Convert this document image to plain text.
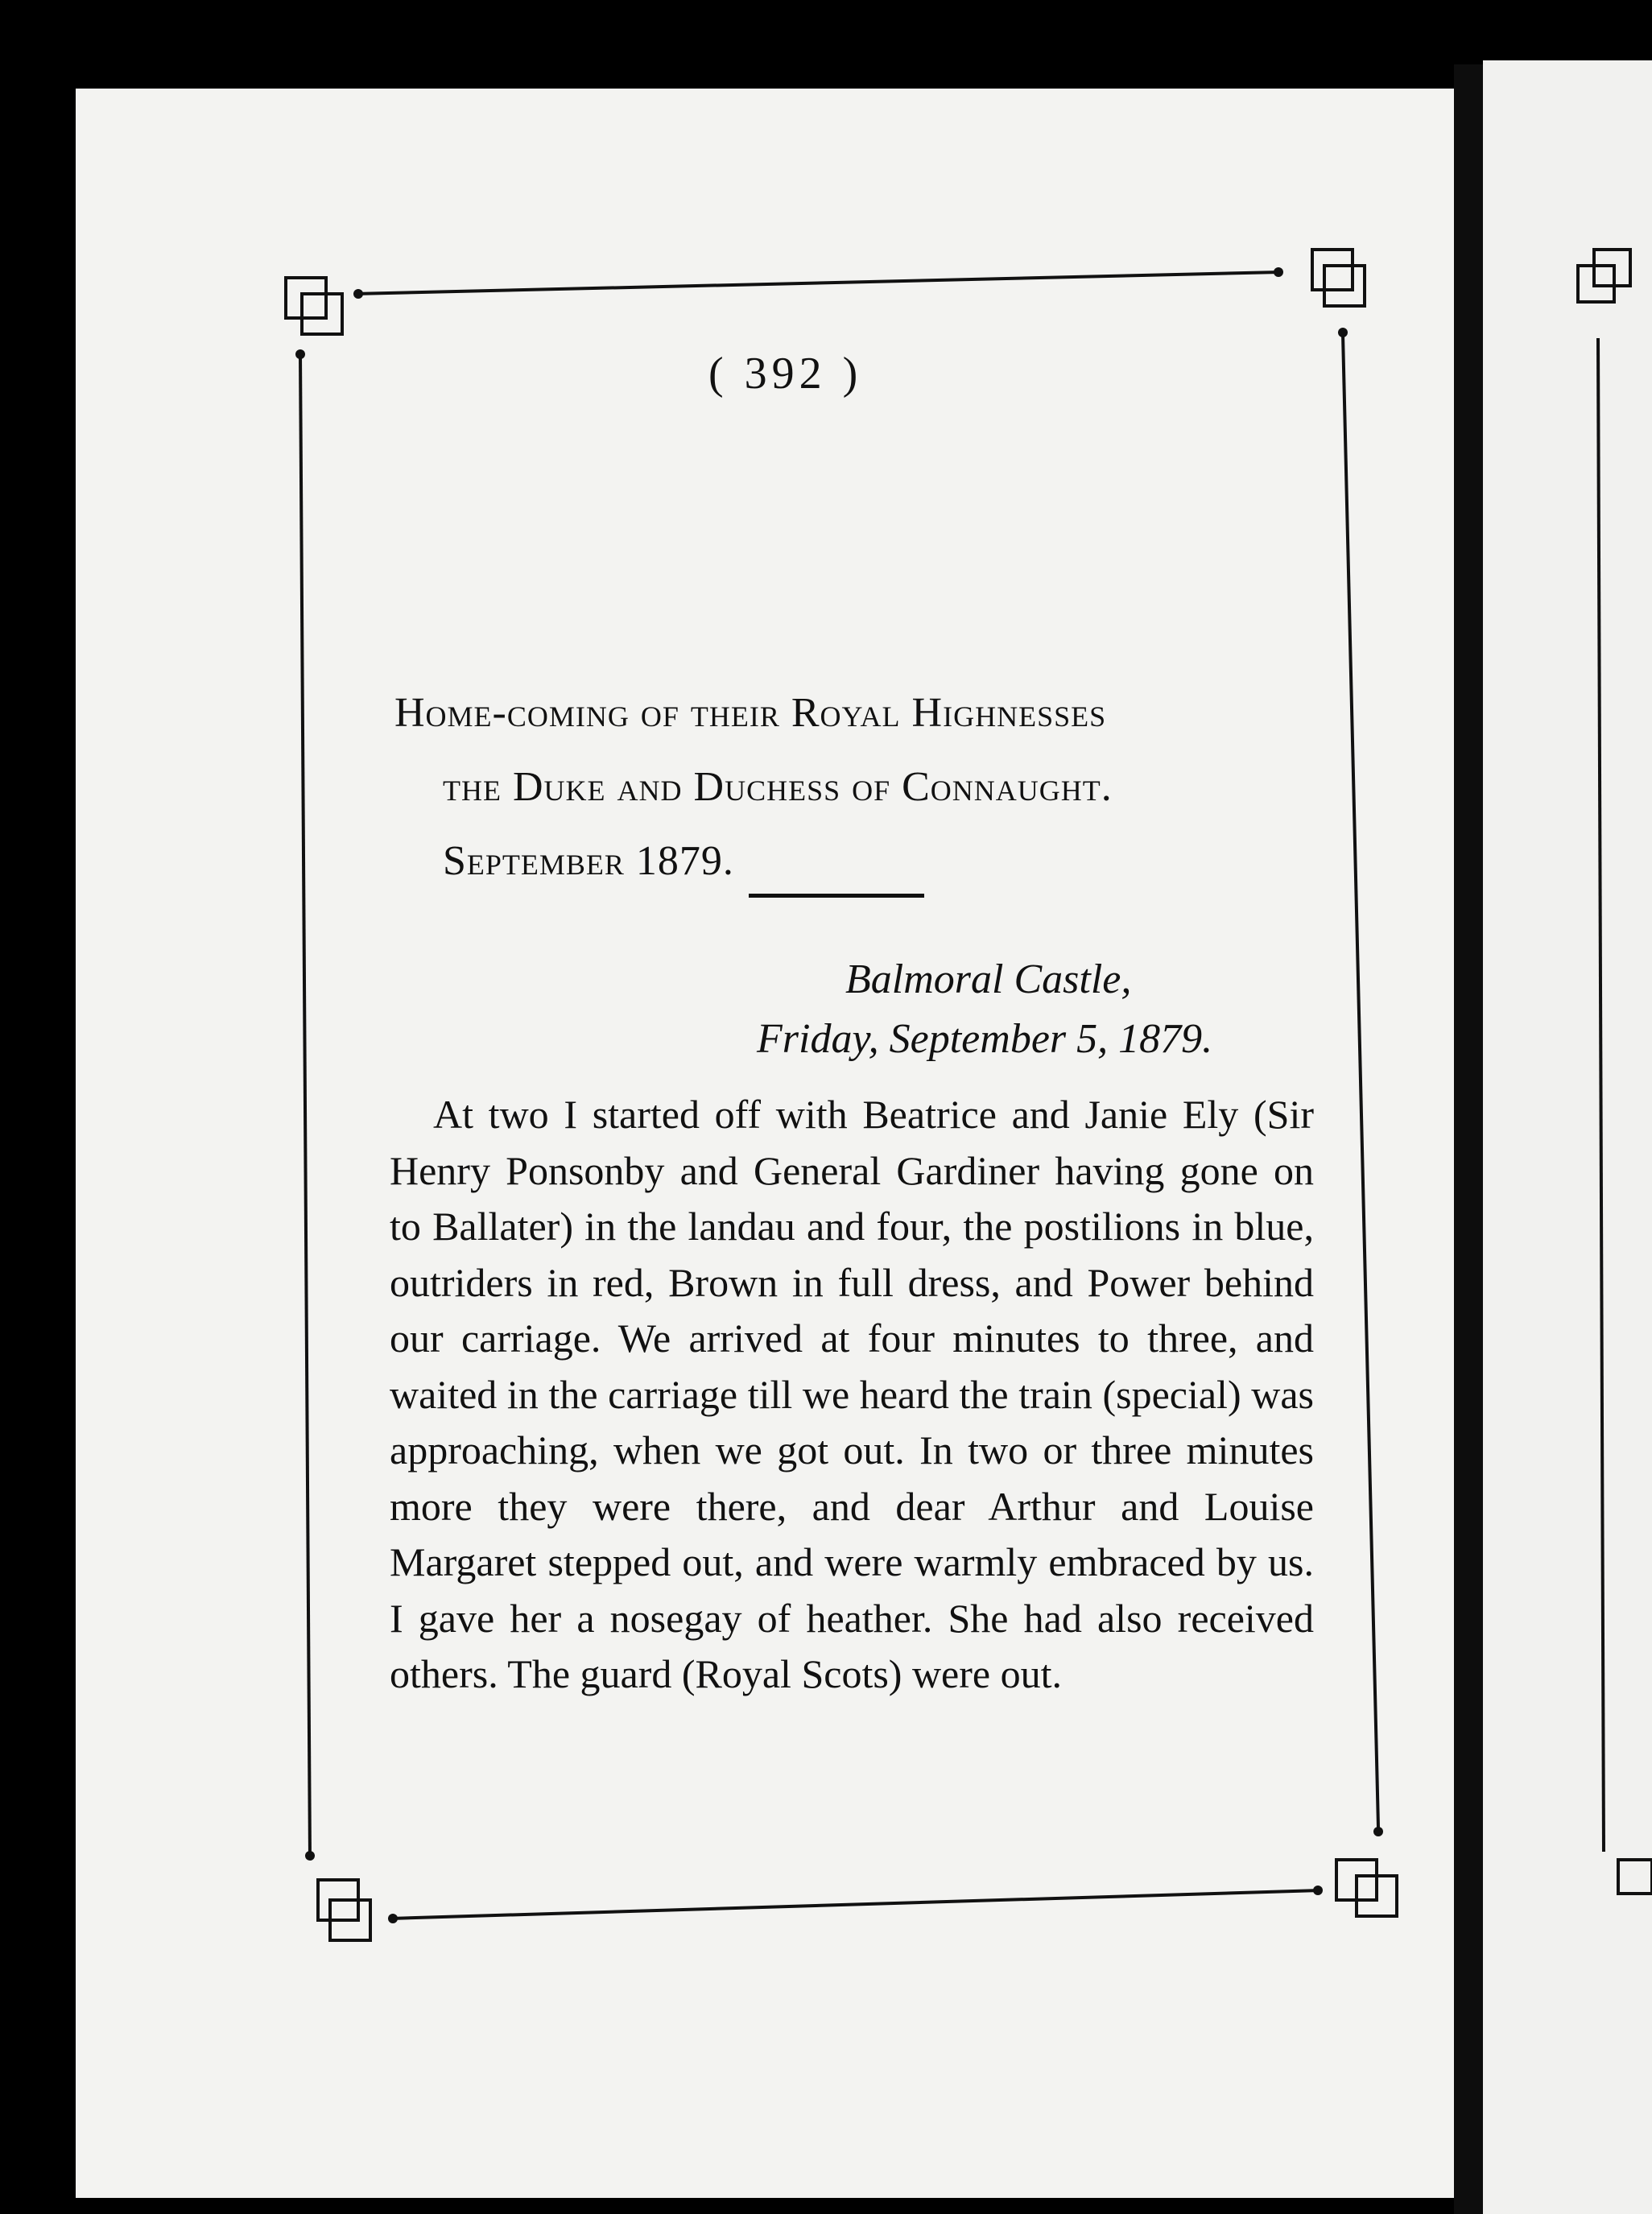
( 392 )
Home-coming of their Royal Highnesses
the Duke and Duchess of Connaught.
September 1879.
Balmoral Castle,
Friday, September 5, 1879.
At two I started off with Beatrice and Janie Ely (Sir Henry Ponsonby and General Gardiner having gone on to Ballater) in the landau and four, the postilions in blue, outriders in red, Brown in full dress, and Power behind our carriage. We arrived at four minutes to three, and waited in the carriage till we heard the train (special) was approaching, when we got out. In two or three minutes more they were there, and dear Arthur and Louise Margaret stepped out, and were warmly embraced by us. I gave her a nosegay of heather. She had also received others. The guard (Royal Scots) were out.
